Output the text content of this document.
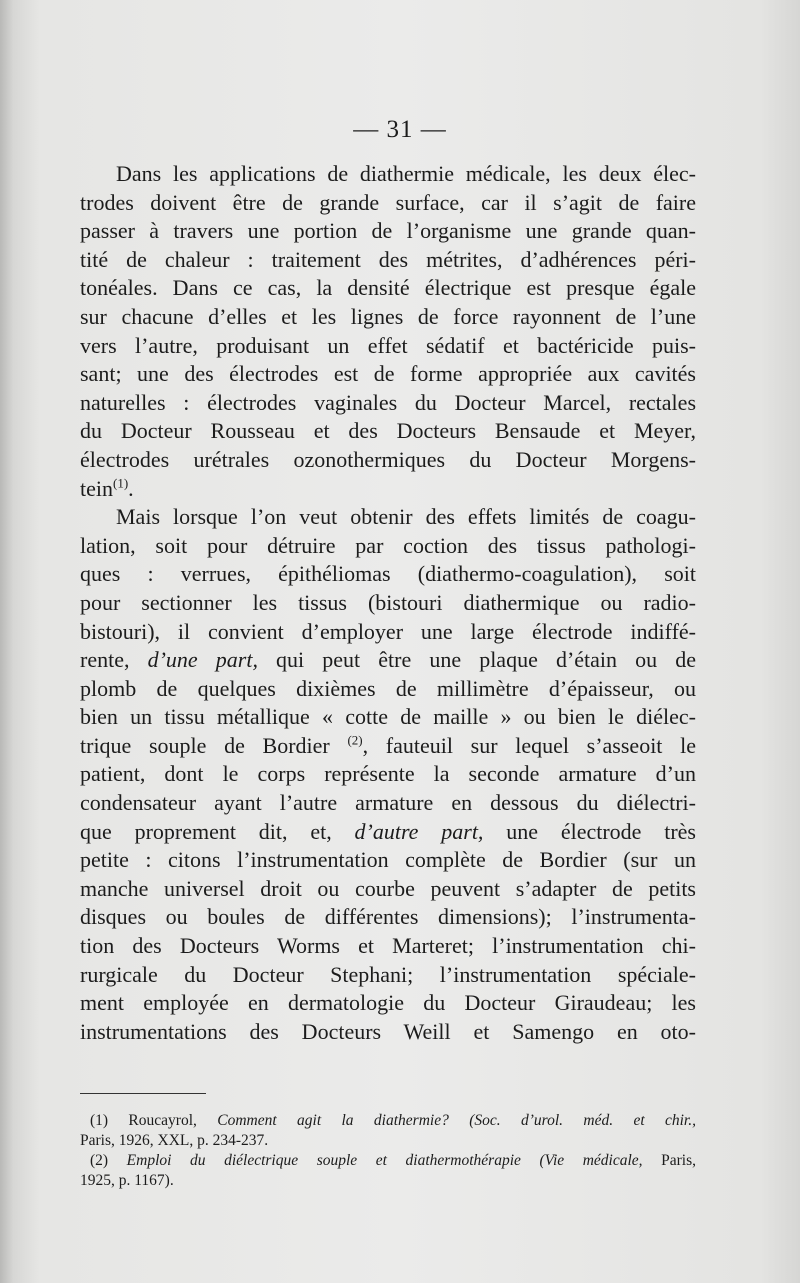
— 31 —
Dans les applications de diathermie médicale, les deux élec-
trodes doivent être de grande surface, car il s’agit de faire
passer à travers une portion de l’organisme une grande quan-
tité de chaleur : traitement des métrites, d’adhérences péri-
tonéales. Dans ce cas, la densité électrique est presque égale
sur chacune d’elles et les lignes de force rayonnent de l’une
vers l’autre, produisant un effet sédatif et bactéricide puis-
sant; une des électrodes est de forme appropriée aux cavités
naturelles : électrodes vaginales du Docteur Marcel, rectales
du Docteur Rousseau et des Docteurs Bensaude et Meyer,
électrodes urétrales ozonothermiques du Docteur Morgens-
tein$^{(1)}$.
Mais lorsque l’on veut obtenir des effets limités de coagu-
lation, soit pour détruire par coction des tissus pathologi-
ques : verrues, épithéliomas (diathermo-coagulation), soit
pour sectionner les tissus (bistouri diathermique ou radio-
bistouri), il convient d’employer une large électrode indiffé-
rente, d’une part, qui peut être une plaque d’étain ou de
plomb de quelques dixièmes de millimètre d’épaisseur, ou
bien un tissu métallique « cotte de maille » ou bien le diélec-
trique souple de Bordier $^{(2)}$, fauteuil sur lequel s’asseoit le
patient, dont le corps représente la seconde armature d’un
condensateur ayant l’autre armature en dessous du diélectri-
que proprement dit, et, d’autre part, une électrode très
petite : citons l’instrumentation complète de Bordier (sur un
manche universel droit ou courbe peuvent s’adapter de petits
disques ou boules de différentes dimensions); l’instrumenta-
tion des Docteurs Worms et Marteret; l’instrumentation chi-
rurgicale du Docteur Stephani; l’instrumentation spéciale-
ment employée en dermatologie du Docteur Giraudeau; les
instrumentations des Docteurs Weill et Samengo en oto-
(1) Roucayrol, Comment agit la diathermie? (Soc. d’urol. méd. et chir.,
Paris, 1926, XXL, p. 234-237.
(2) Emploi du diélectrique souple et diathermothérapie (Vie médicale, Paris,
1925, p. 1167).
